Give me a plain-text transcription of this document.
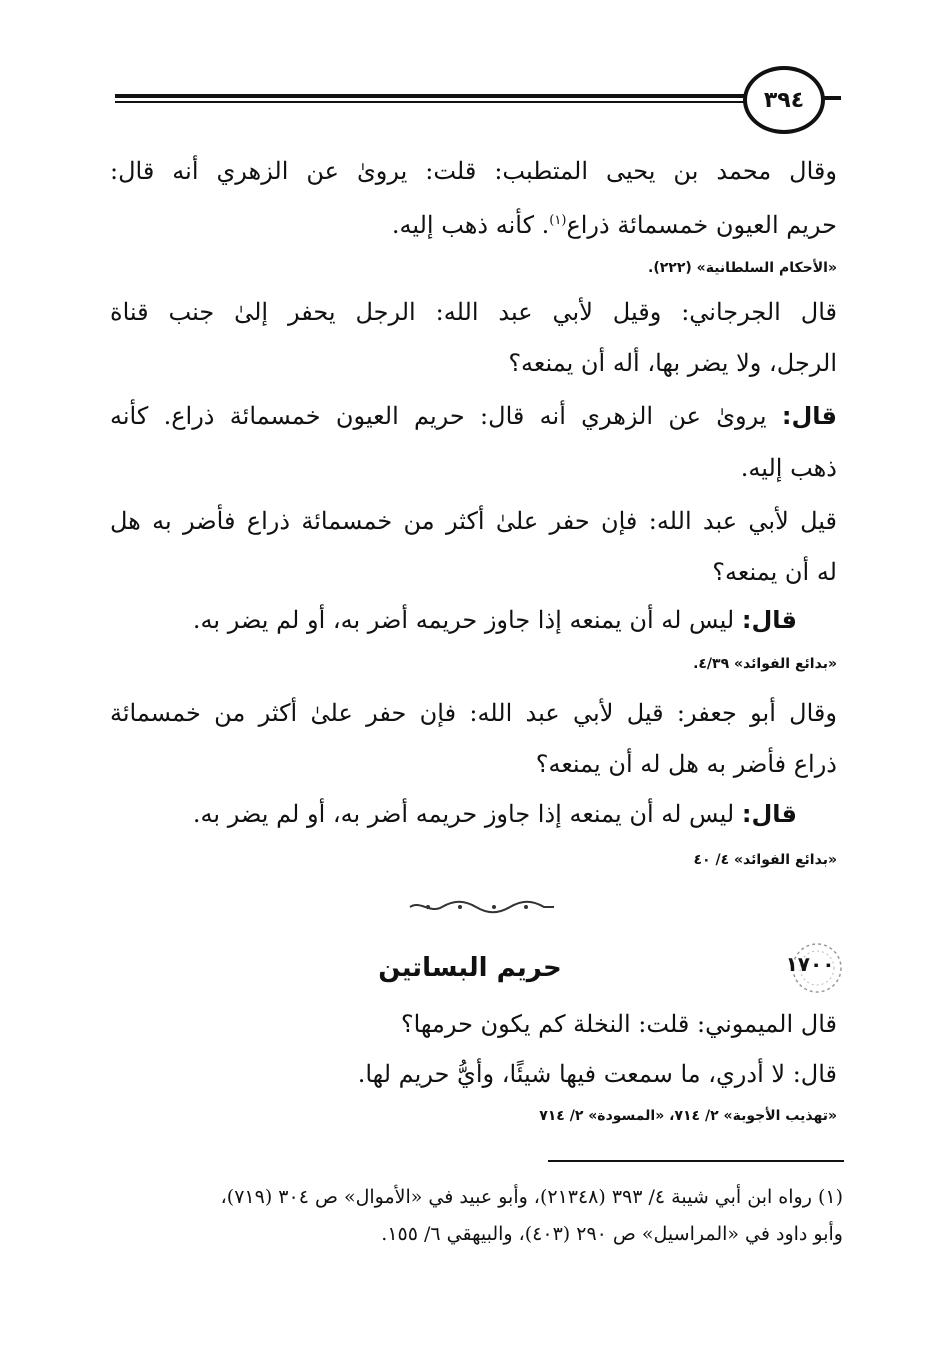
٣٩٤
وقال محمد بن يحيى المتطبب: قلت: يروىٰ عن الزهري أنه قال:
حريم العيون خمسمائة ذراع$^{(١)}$. كأنه ذهب إليه.
«الأحكام السلطانية» (٢٢٢).
قال الجرجاني: وقيل لأبي عبد الله: الرجل يحفر إلىٰ جنب قناة
الرجل، ولا يضر بها، أله أن يمنعه؟
قال: يروىٰ عن الزهري أنه قال: حريم العيون خمسمائة ذراع. كأنه
ذهب إليه.
قيل لأبي عبد الله: فإن حفر علىٰ أكثر من خمسمائة ذراع فأضر به هل
له أن يمنعه؟
قال: ليس له أن يمنعه إذا جاوز حريمه أضر به، أو لم يضر به.
«بدائع الفوائد» ٤/٣٩.
وقال أبو جعفر: قيل لأبي عبد الله: فإن حفر علىٰ أكثر من خمسمائة
ذراع فأضر به هل له أن يمنعه؟
قال: ليس له أن يمنعه إذا جاوز حريمه أضر به، أو لم يضر به.
«بدائع الفوائد» ٤/ ٤٠
١٧٠٠
حريم البساتين
قال الميموني: قلت: النخلة كم يكون حرمها؟
قال: لا أدري، ما سمعت فيها شيئًا، وأيُّ حريم لها.
«تهذيب الأجوبة» ٢/ ٧١٤، «المسودة» ٢/ ٧١٤
(١) رواه ابن أبي شيبة ٤/ ٣٩٣ (٢١٣٤٨)، وأبو عبيد في «الأموال» ص ٣٠٤ (٧١٩)،
وأبو داود في «المراسيل» ص ٢٩٠ (٤٠٣)، والبيهقي ٦/ ١٥٥.
